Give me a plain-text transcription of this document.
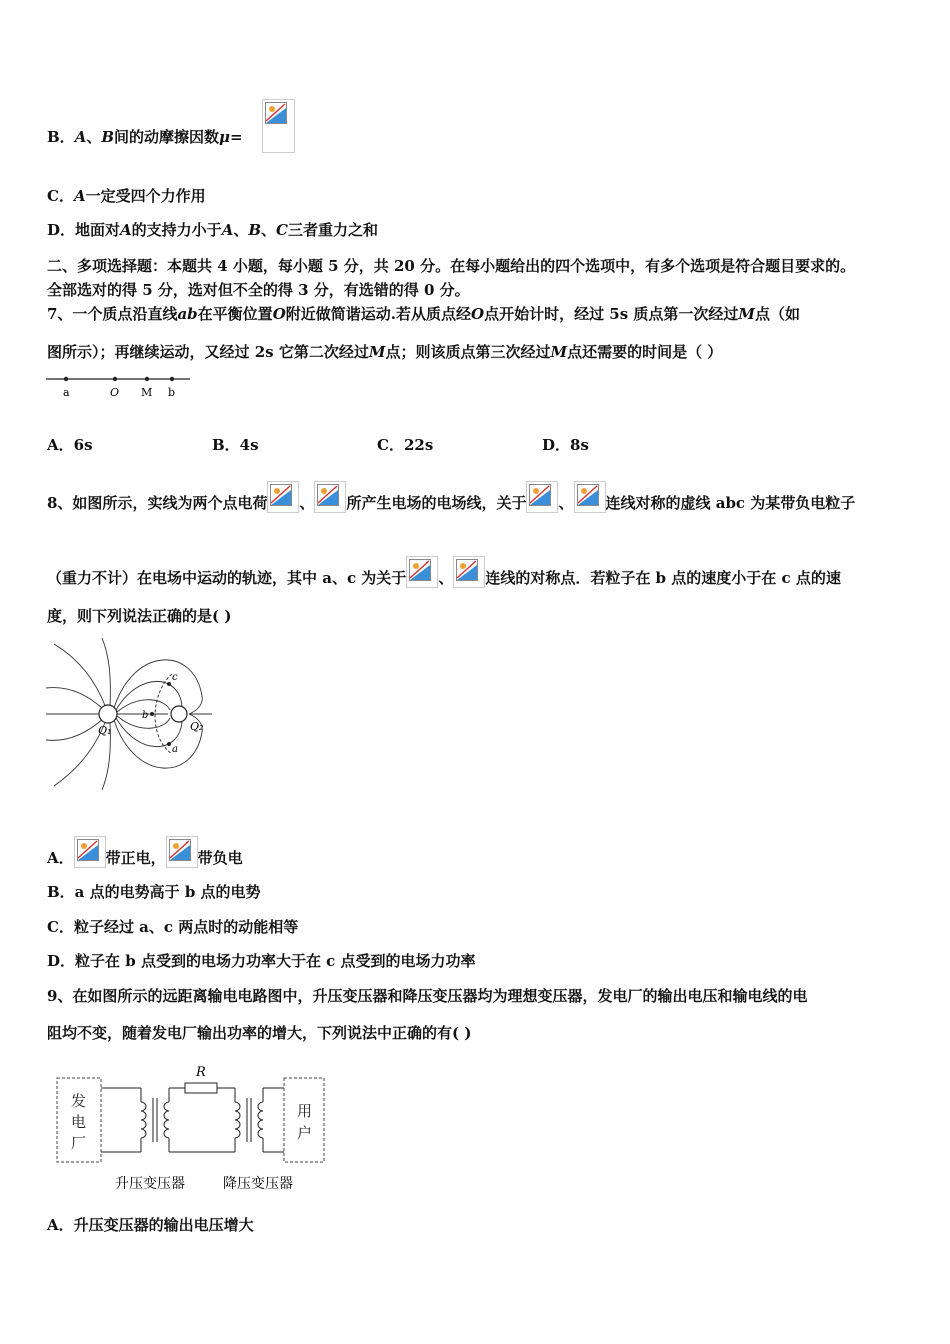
B．A、B间的动摩擦因数μ=
C．A一定受四个力作用
D．地面对A的支持力小于A、B、C三者重力之和
二、多项选择题：本题共 4 小题，每小题 5 分，共 20 分。在每小题给出的四个选项中，有多个选项是符合题目要求的。
全部选对的得 5 分，选对但不全的得 3 分，有选错的得 0 分。
7、一个质点沿直线ab在平衡位置O附近做简谐运动.若从质点经O点开始计时，经过 5s 质点第一次经过M点（如
图所示）；再继续运动，又经过 2s 它第二次经过M点；则该质点第三次经过M点还需要的时间是（ ）
a	O M b
A．6s	B．4s	C．22s	D．8s
8、如图所示，实线为两个点电荷 、 所产生电场的电场线，关于 、 连线对称的虚线 abc 为某带负电粒子
（重力不计）在电场中运动的轨迹，其中 a、c 为关于 、 连线的对称点．若粒子在 b 点的速度小于在 c 点的速
度，则下列说法正确的是( )
Q₁	Q₂
c
b
a
A． 带正电， 带负电
B．a 点的电势高于 b 点的电势
C．粒子经过 a、c 两点时的动能相等
D．粒子在 b 点受到的电场力功率大于在 c 点受到的电场力功率
9、在如图所示的远距离输电电路图中，升压变压器和降压变压器均为理想变压器，发电厂的输出电压和输电线的电
阻均不变，随着发电厂输出功率的增大，下列说法中正确的有( )
发
电
厂
用
户
R
升压变压器	降压变压器
A．升压变压器的输出电压增大
